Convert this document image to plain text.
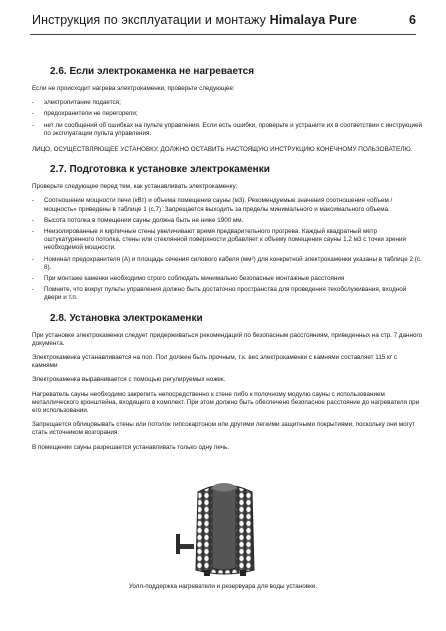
Инструкция по эксплуатации и монтажу Himalaya Pure	6
2.6. Если электрокаменка не нагревается

Если не происходит нагрева электрокаменки, проверьте следующее:

- электропитание подается;
- предохранители не перегорели;
- нет ли сообщений об ошибках на пульте управления. Если есть ошибки, проверьте и устраните их в соответствии с инструкцией по эксплуатации пульта управления.

ЛИЦО, ОСУЩЕСТВЛЯЮЩЕЕ УСТАНОВКУ, ДОЛЖНО ОСТАВИТЬ НАСТОЯЩУЮ ИНСТРУКЦИЮ КОНЕЧНОМУ ПОЛЬЗОВАТЕЛЮ.

2.7. Подготовка к установке электрокаменки

Проверьте следующее перед тем, как устанавливать электрокаменку:

- Соотношение мощности печи (кВт) и объема помещения сауны (м3). Рекомендуемые значения соотношения «объем / мощность» приведены в таблице 1 (с.7). Запрещается выходить за пределы минимального и максимального объема.
- Высота потолка в помещении сауны должна быть не ниже 1900 мм.
- Неизолированные и кирпичные стены увеличивают время предварительного прогрева. Каждый квадратный метр оштукатуренного потолка, стены или стеклянной поверхности добавляет к объему помещения сауны 1,2 м3 с точки зрения необходимой мощности.
- Номинал предохранителя (А) и площадь сечения силового кабеля (мм²) для конкретной электрокаменки указаны в таблице 2 (с. 8).
- При монтаже каменки необходимо строго соблюдать минимально безопасные монтажные расстояния
- Помните, что вокруг пульты управления должно быть достаточно пространства для проведения техобслуживания, входной двери и т.п.
2.8. Установка электрокаменки

При установке электрокаменки следует придерживаться рекомендаций по безопасным расстояниям, приведенных на стр. 7 данного документа.

Электрокаменка устанавливается на пол. Пол должен быть прочным, т.к. вес электрокаменки с камнями составляет 115 кг с камнями

Электрокаменка выравнивается с помощью регулируемых ножек.

Нагреватель сауны необходимо закрепить непосредственно к стене либо к полочному модулю сауны с использованием металлического кронштейна, входящего в комплект. При этом должно быть обеспечено безопасное расстояние до нагревателя при его использовании.

Запрещается облицовывать стены или потолок гипсокартоном или другими легкими защитными покрытиями, поскольку они могут стать источником возгорания.

В помещении сауны разрешается устанавливать только одну печь.

Уолл-поддержка нагреватели и резервуара для воды установки.
